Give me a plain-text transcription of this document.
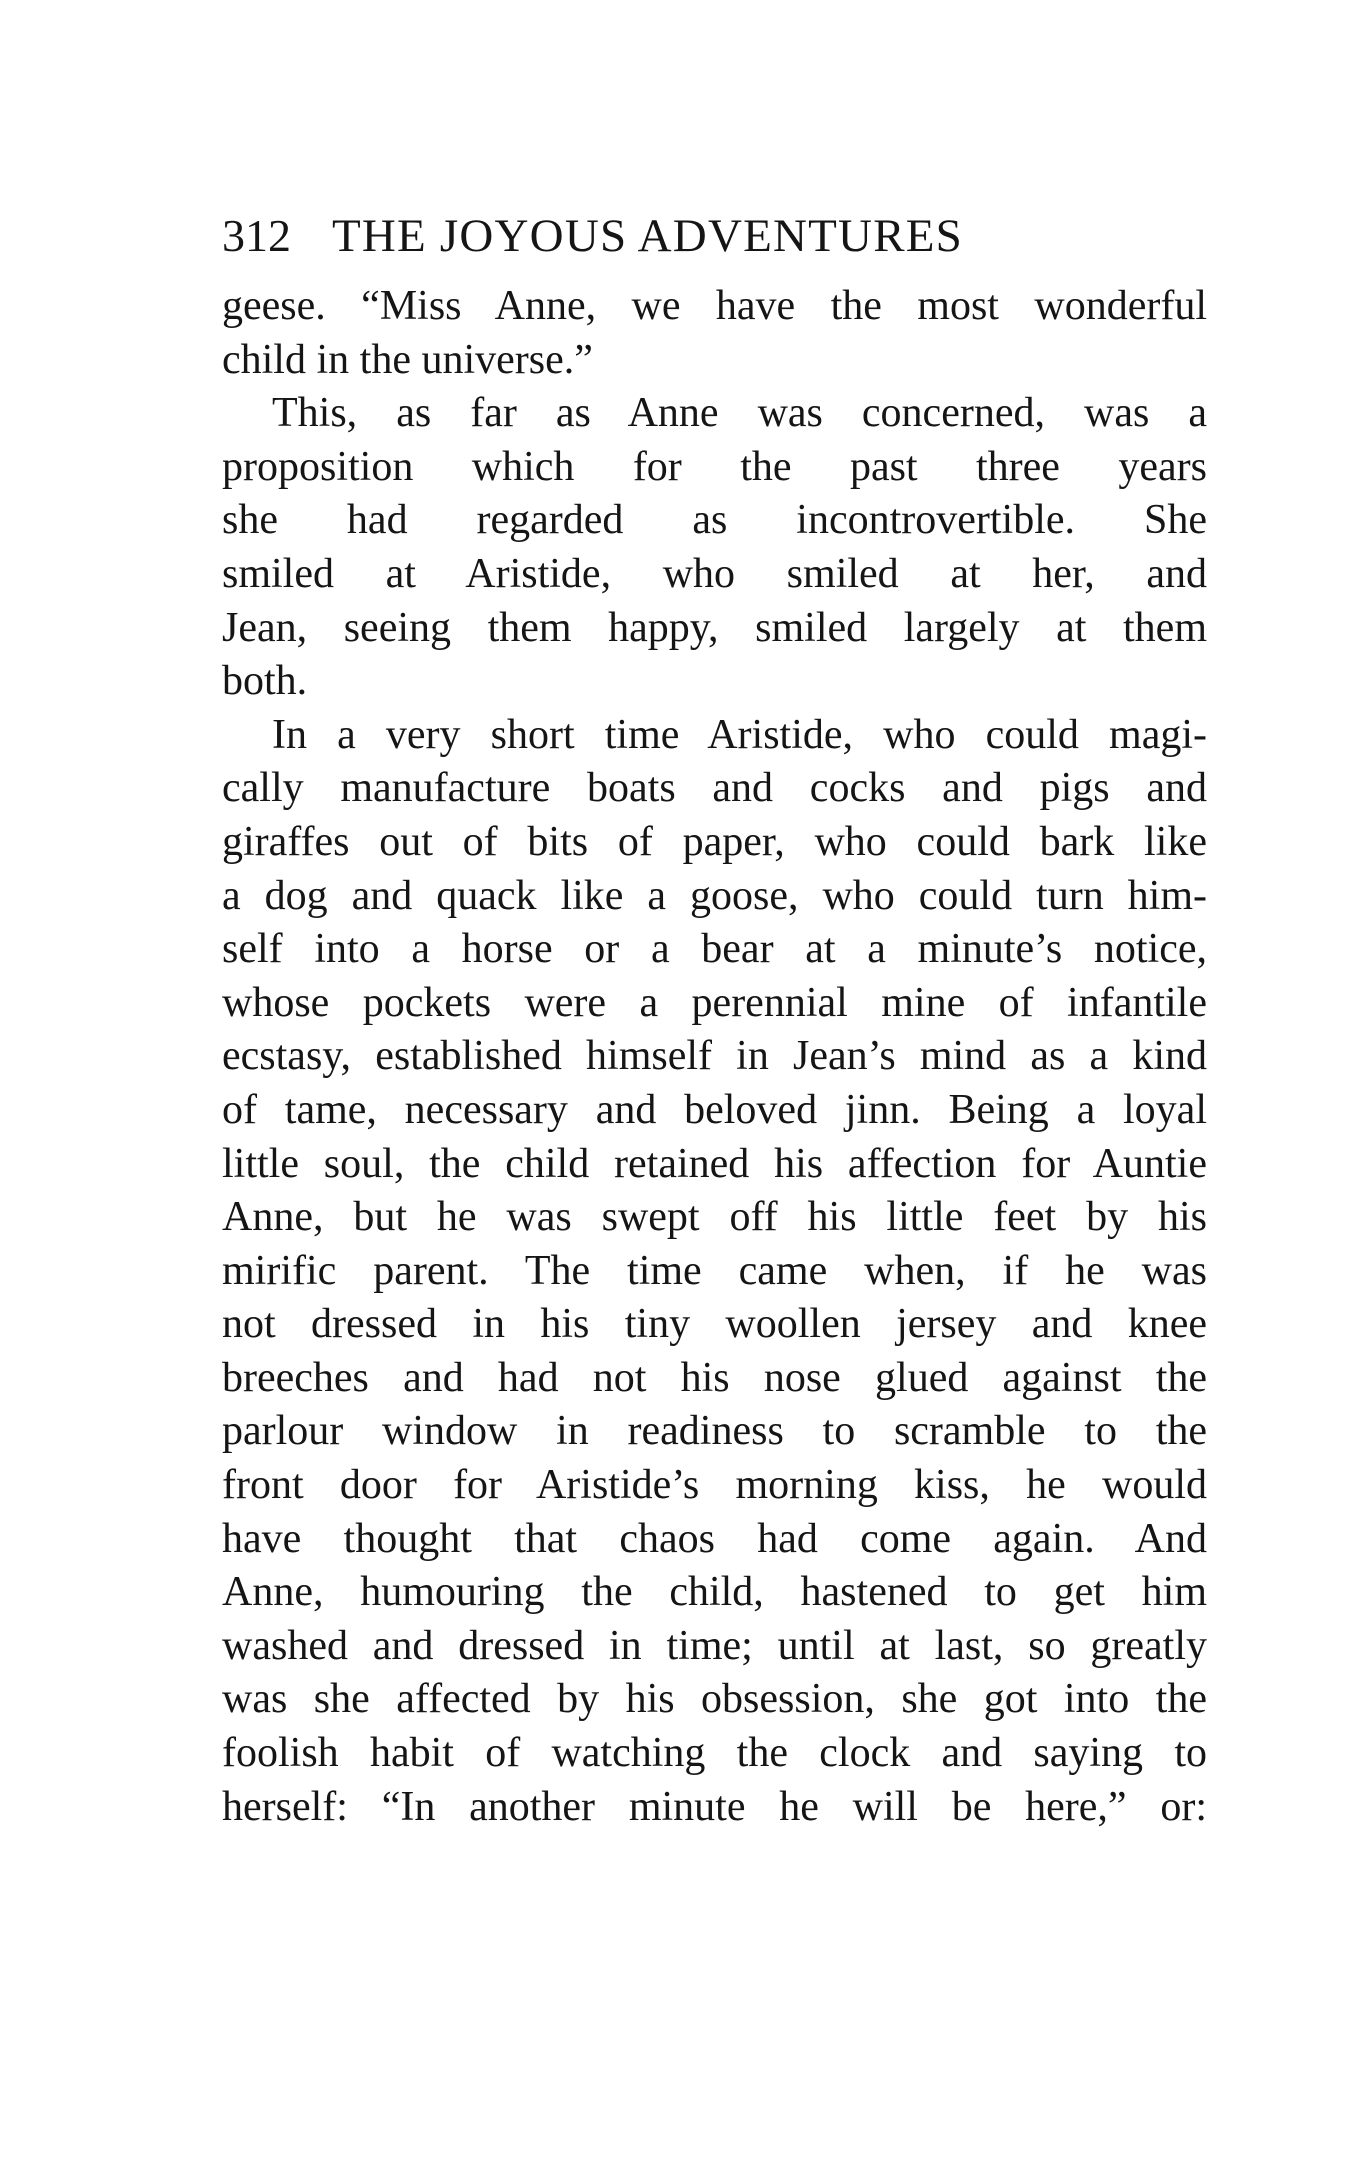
312 THE JOYOUS ADVENTURES
geese. “Miss Anne, we have the most wonderful
child in the universe.”
This, as far as Anne was concerned, was a
proposition which for the past three years
she had regarded as incontrovertible. She
smiled at Aristide, who smiled at her, and
Jean, seeing them happy, smiled largely at them
both.
In a very short time Aristide, who could magi-
cally manufacture boats and cocks and pigs and
giraffes out of bits of paper, who could bark like
a dog and quack like a goose, who could turn him-
self into a horse or a bear at a minute’s notice,
whose pockets were a perennial mine of infantile
ecstasy, established himself in Jean’s mind as a kind
of tame, necessary and beloved jinn. Being a loyal
little soul, the child retained his affection for Auntie
Anne, but he was swept off his little feet by his
mirific parent. The time came when, if he was
not dressed in his tiny woollen jersey and knee
breeches and had not his nose glued against the
parlour window in readiness to scramble to the
front door for Aristide’s morning kiss, he would
have thought that chaos had come again. And
Anne, humouring the child, hastened to get him
washed and dressed in time; until at last, so greatly
was she affected by his obsession, she got into the
foolish habit of watching the clock and saying to
herself: “In another minute he will be here,” or:
